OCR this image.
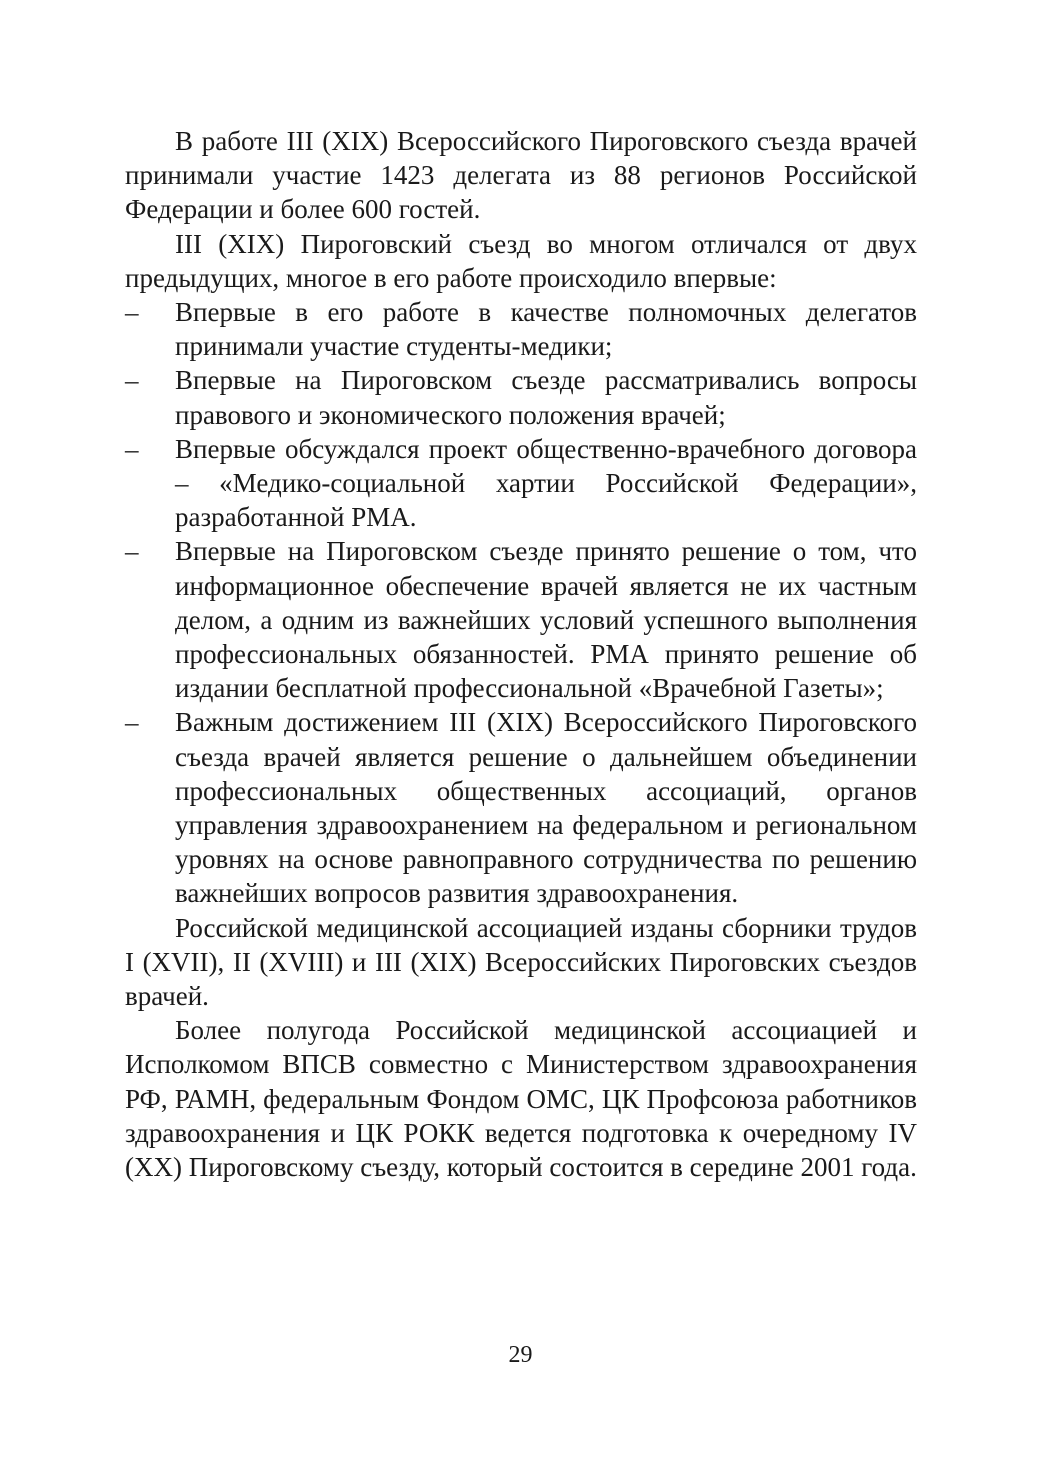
В работе III (XIX) Всероссийского Пироговского съезда врачей принимали участие 1423 делегата из 88 регионов Российской Федерации и более 600 гостей.

III (XIX) Пироговский съезд во многом отличался от двух предыдущих, многое в его работе происходило впервые:

– Впервые в его работе в качестве полномочных делегатов принимали участие студенты-медики;
– Впервые на Пироговском съезде рассматривались вопросы правового и экономического положения врачей;
– Впервые обсуждался проект общественно-врачебного договора – «Медико-социальной хартии Российской Федерации», разработанной РМА.
– Впервые на Пироговском съезде принято решение о том, что информационное обеспечение врачей является не их частным делом, а одним из важнейших условий успешного выполнения профессиональных обязанностей. РМА принято решение об издании бесплатной профессиональной «Врачебной Газеты»;
– Важным достижением III (XIX) Всероссийского Пироговского съезда врачей является решение о дальнейшем объединении профессиональных общественных ассоциаций, органов управления здравоохранением на федеральном и региональном уровнях на основе равноправного сотрудничества по решению важнейших вопросов развития здравоохранения.

Российской медицинской ассоциацией изданы сборники трудов I (XVII), II (XVIII) и III (XIX) Всероссийских Пироговских съездов врачей.

Более полугода Российской медицинской ассоциацией и Исполкомом ВПСВ совместно с Министерством здравоохранения РФ, РАМН, федеральным Фондом ОМС, ЦК Профсоюза работников здравоохранения и ЦК РОКК ведется подготовка к очередному IV (XX) Пироговскому съезду, который состоится в середине 2001 года.

29
